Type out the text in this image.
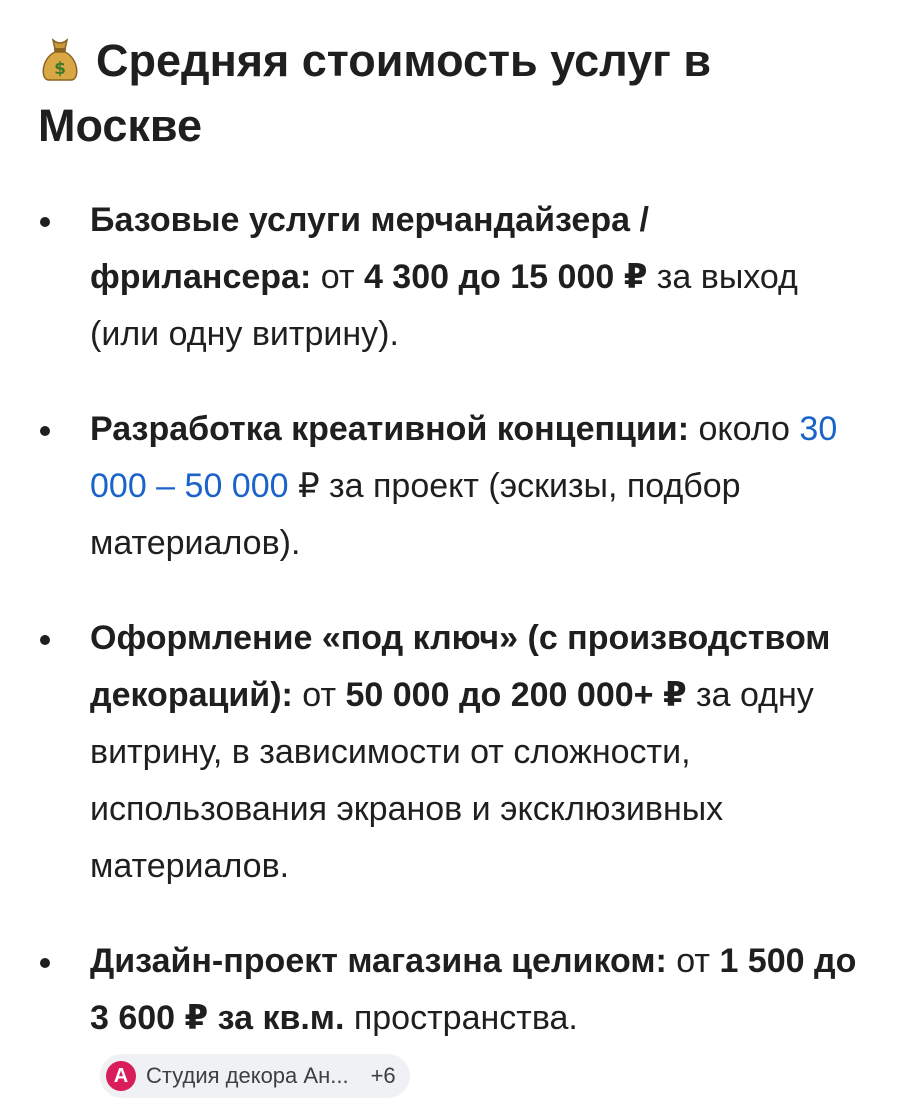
$ Средняя стоимость услуг в Москве
Базовые услуги мерчандайзера / фрилансера: от 4 300 до 15 000 ₽ за выход (или одну витрину).
Разработка креативной концепции: около 30 000 – 50 000 ₽ за проект (эскизы, подбор материалов).
Оформление «под ключ» (с производством декораций): от 50 000 до 200 000+ ₽ за одну витрину, в зависимости от сложности, использования экранов и эксклюзивных материалов.
Дизайн-проект магазина целиком: от 1 500 до 3 600 ₽ за кв.м. пространства.
А Студия декора Ан... +6
